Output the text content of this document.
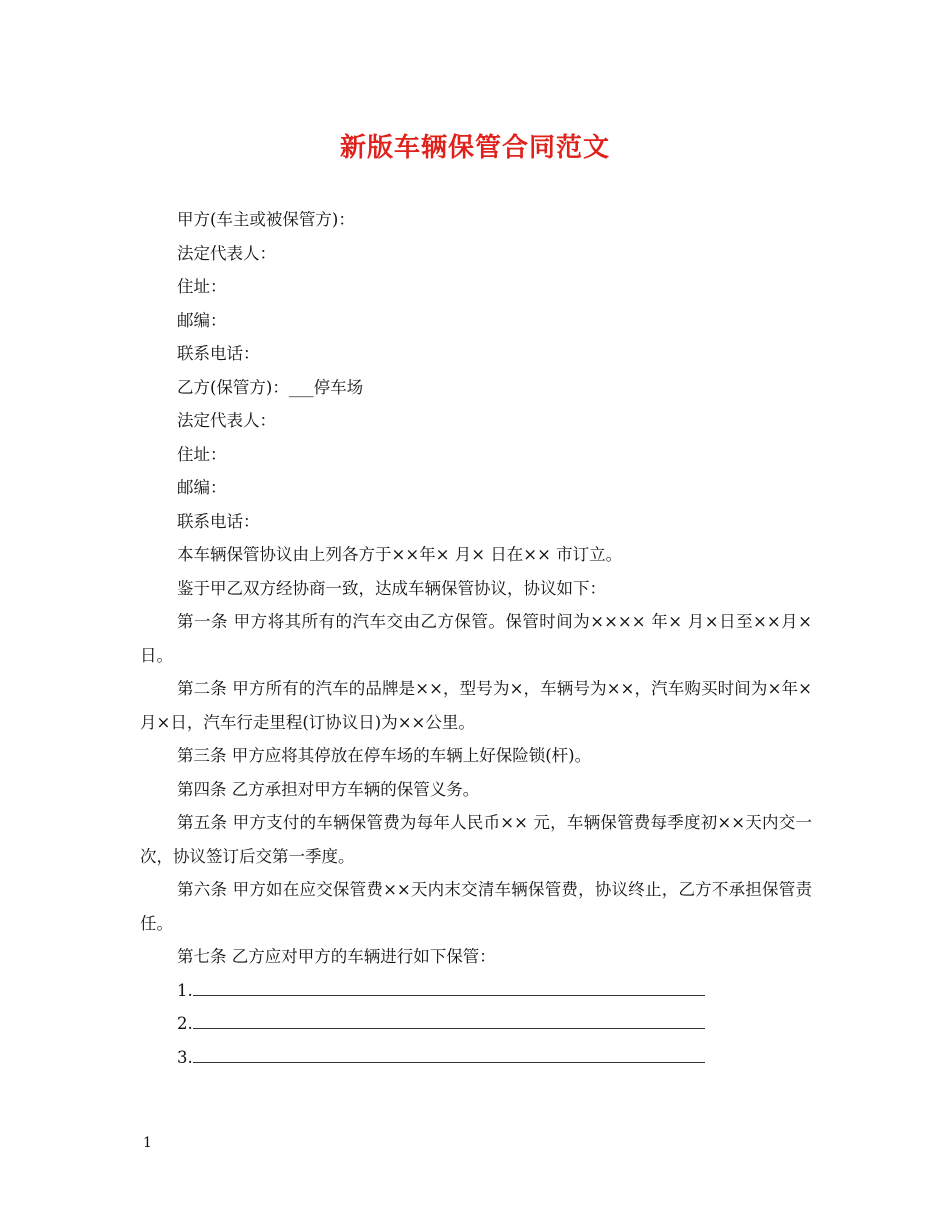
新版车辆保管合同范文

甲方(车主或被保管方)：

法定代表人：

住址：

邮编：

联系电话：

乙方(保管方)：___停车场

法定代表人：

住址：

邮编：

联系电话：

本车辆保管协议由上列各方于××年× 月× 日在×× 市订立。

鉴于甲乙双方经协商一致，达成车辆保管协议，协议如下：

第一条 甲方将其所有的汽车交由乙方保管。保管时间为×××× 年× 月×日至××月×日。

第二条 甲方所有的汽车的品牌是××，型号为×，车辆号为××，汽车购买时间为×年×月×日，汽车行走里程(订协议日)为××公里。

第三条 甲方应将其停放在停车场的车辆上好保险锁(杆)。

第四条 乙方承担对甲方车辆的保管义务。

第五条 甲方支付的车辆保管费为每年人民币×× 元，车辆保管费每季度初××天内交一次，协议签订后交第一季度。

第六条 甲方如在应交保管费××天内末交清车辆保管费，协议终止，乙方不承担保管责任。

第七条 乙方应对甲方的车辆进行如下保管：

1.

2.

3.

1
